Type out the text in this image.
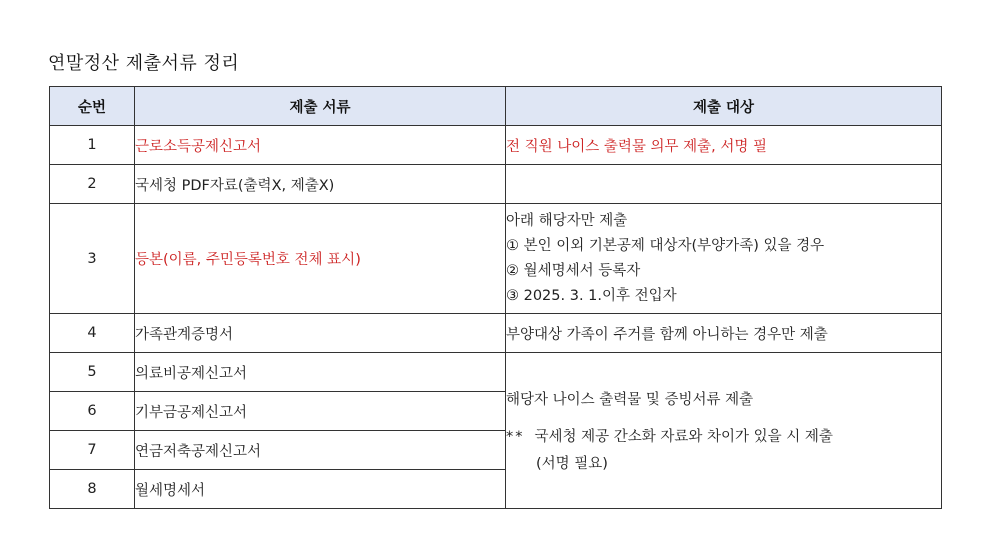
연말정산 제출서류 정리
순번	제출 서류	제출 대상
1	근로소득공제신고서	전 직원 나이스 출력물 의무 제출, 서명 필
2	국세청 PDF자료(출력X, 제출X)	
3	등본(이름, 주민등록번호 전체 표시)	아래 해당자만 제출
① 본인 이외 기본공제 대상자(부양가족) 있을 경우
② 월세명세서 등록자
③ 2025. 3. 1.이후 전입자

4	가족관계증명서	부양대상 가족이 주거를 함께 아니하는 경우만 제출
5	의료비공제신고서	해당자 나이스 출력물 및 증빙서류 제출
** 국세청 제공 간소화 자료와 차이가 있을 시 제출
(서명 필요)

6	기부금공제신고서	
7	연금저축공제신고서	
8	월세명세서	
